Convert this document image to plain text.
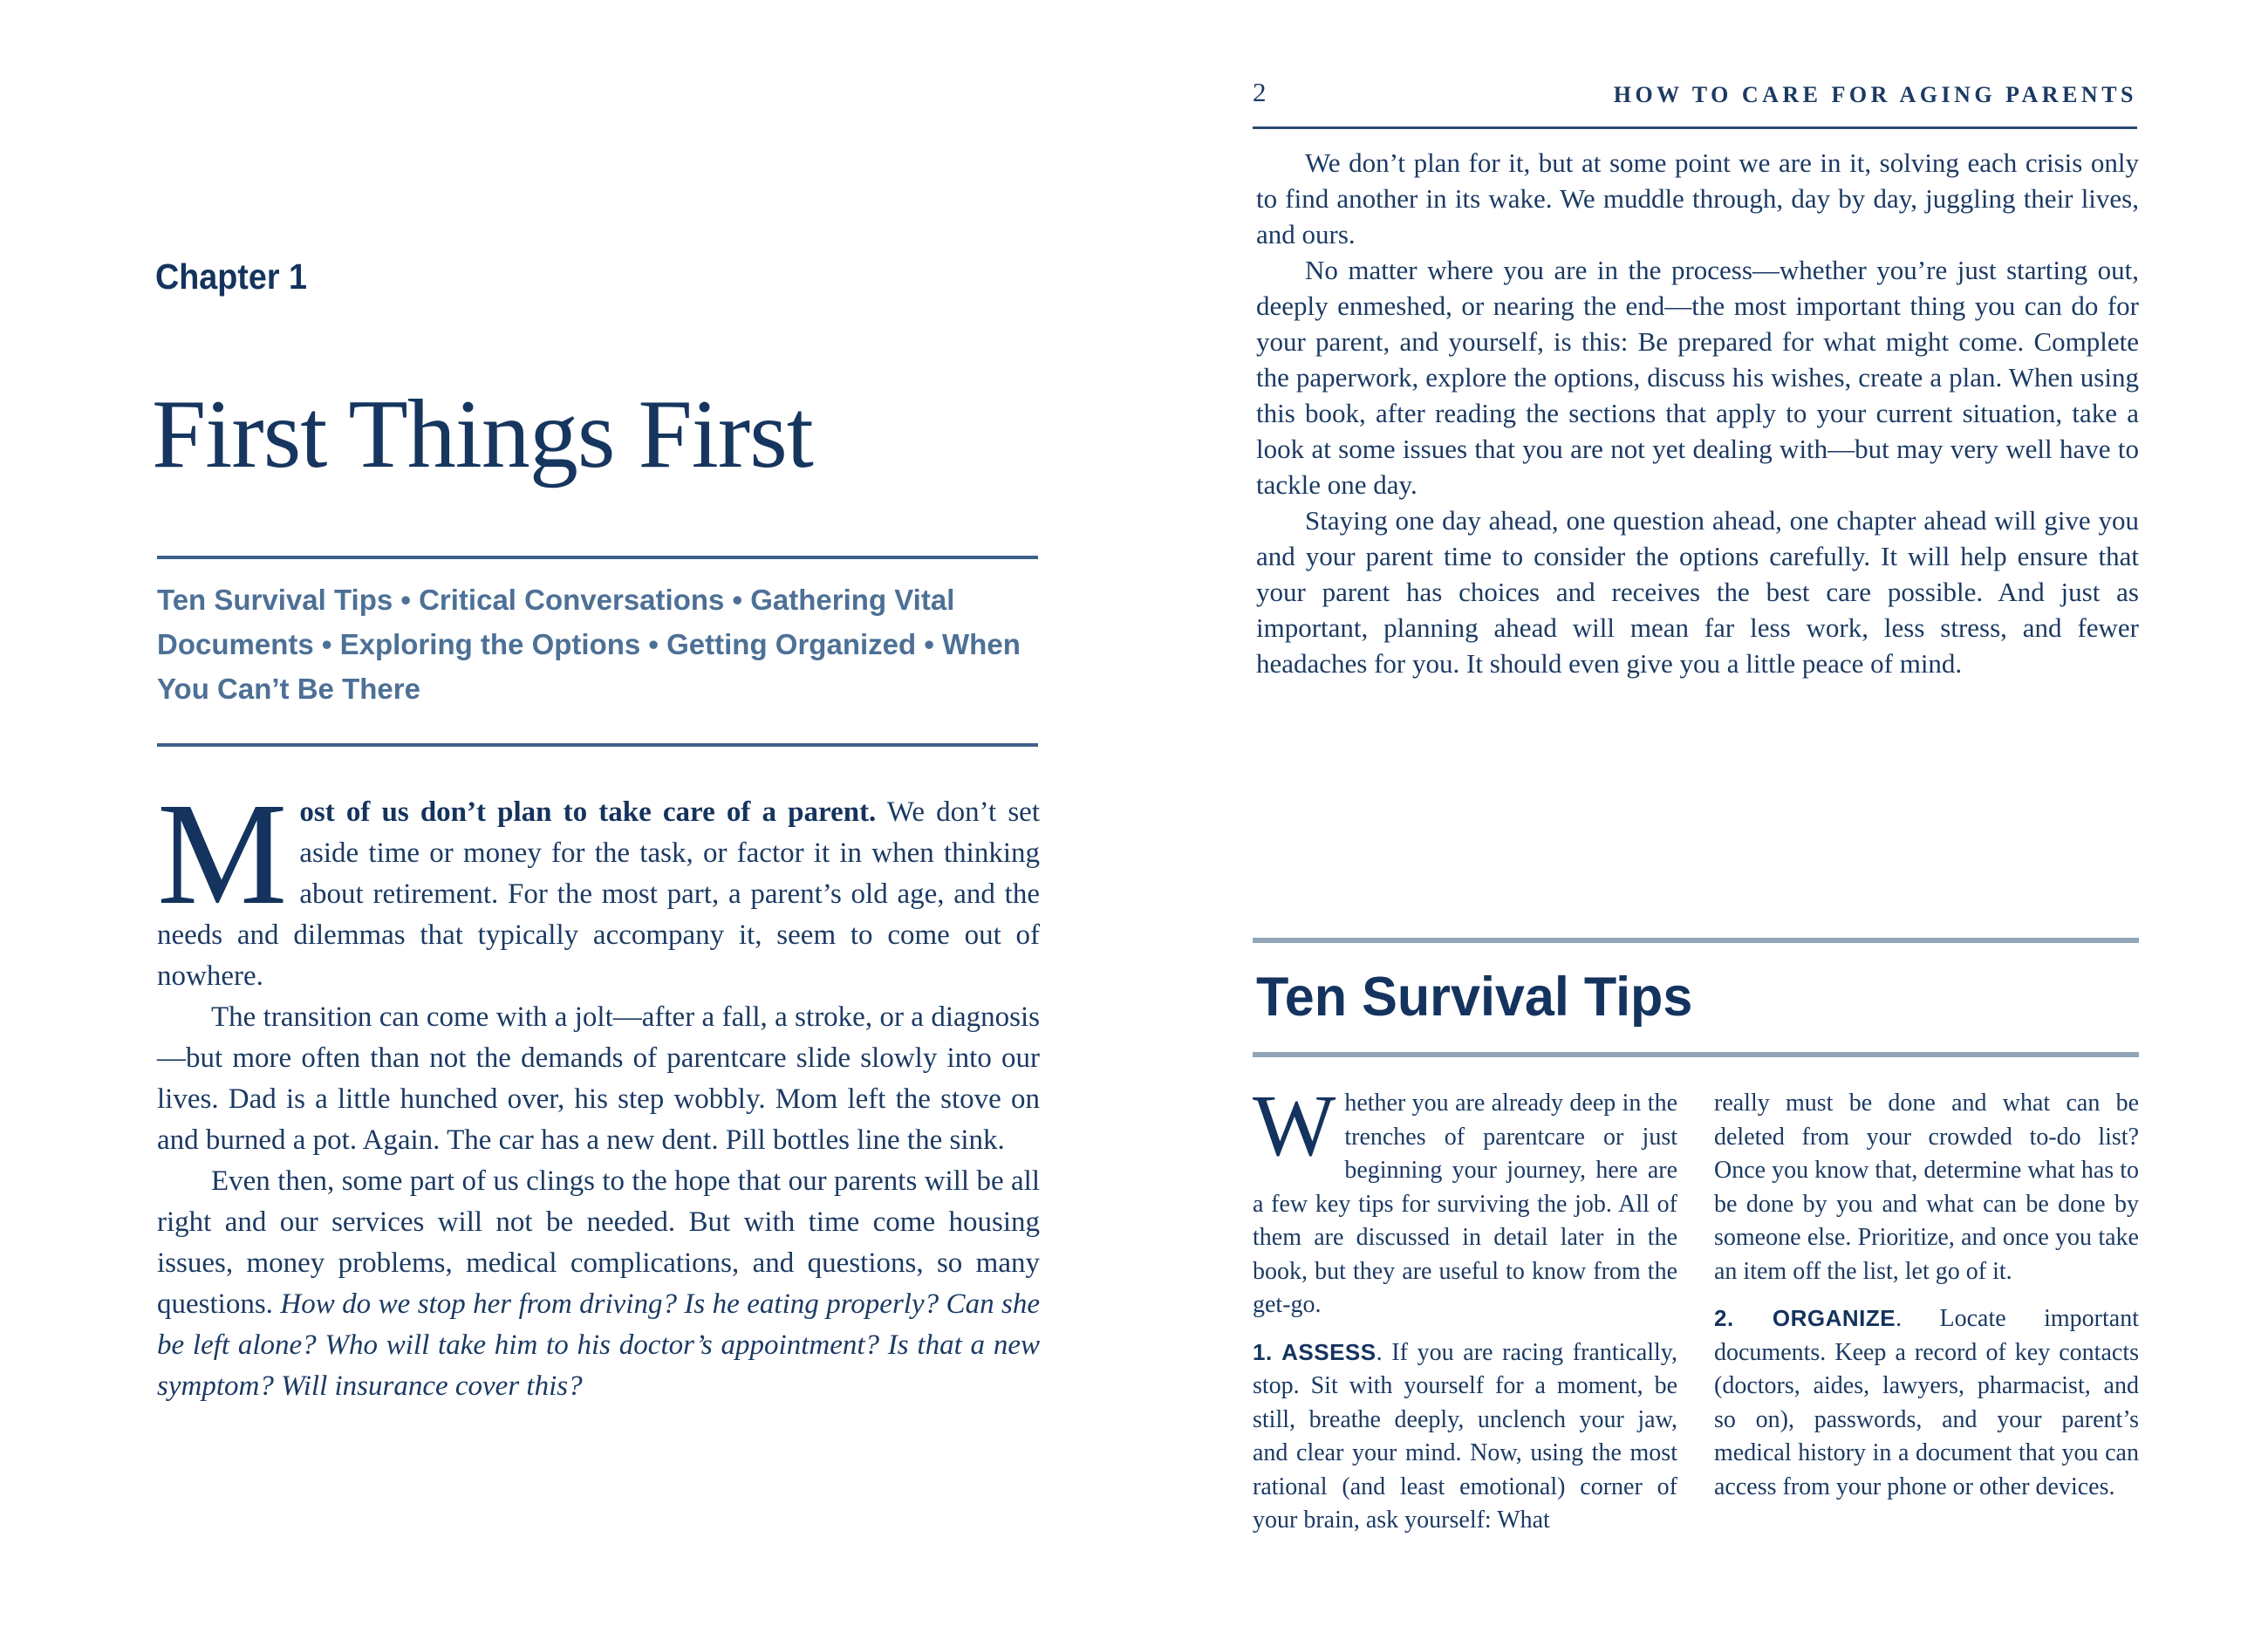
Chapter 1
First Things First
Ten Survival Tips • Critical Conversations • Gathering Vital Documents • Exploring the Options • Getting Organized • When You Can’t Be There

Most of us don’t plan to take care of a parent. We don’t set aside time or money for the task, or factor it in when thinking about retirement. For the most part, a parent’s old age, and the needs and dilemmas that typically accompany it, seem to come out of nowhere.

The transition can come with a jolt—after a fall, a stroke, or a diagnosis—but more often than not the demands of parentcare slide slowly into our lives. Dad is a little hunched over, his step wobbly. Mom left the stove on and burned a pot. Again. The car has a new dent. Pill bottles line the sink.

Even then, some part of us clings to the hope that our parents will be all right and our services will not be needed. But with time come housing issues, money problems, medical complications, and questions, so many questions. How do we stop her from driving? Is he eating properly? Can she be left alone? Who will take him to his doctor’s appointment? Is that a new symptom? Will insurance cover this?

2	HOW TO CARE FOR AGING PARENTS

We don’t plan for it, but at some point we are in it, solving each crisis only to find another in its wake. We muddle through, day by day, juggling their lives, and ours.

No matter where you are in the process—whether you’re just starting out, deeply enmeshed, or nearing the end—the most important thing you can do for your parent, and yourself, is this: Be prepared for what might come. Complete the paperwork, explore the options, discuss his wishes, create a plan. When using this book, after reading the sections that apply to your current situation, take a look at some issues that you are not yet dealing with—but may very well have to tackle one day.

Staying one day ahead, one question ahead, one chapter ahead will give you and your parent time to consider the options carefully. It will help ensure that your parent has choices and receives the best care possible. And just as important, planning ahead will mean far less work, less stress, and fewer headaches for you. It should even give you a little peace of mind.

Ten Survival Tips

Whether you are already deep in the trenches of parentcare or just beginning your journey, here are a few key tips for surviving the job. All of them are discussed in detail later in the book, but they are useful to know from the get-go.

1. ASSESS. If you are racing frantically, stop. Sit with yourself for a moment, be still, breathe deeply, unclench your jaw, and clear your mind. Now, using the most rational (and least emotional) corner of your brain, ask yourself: What

really must be done and what can be deleted from your crowded to-do list? Once you know that, determine what has to be done by you and what can be done by someone else. Prioritize, and once you take an item off the list, let go of it.

2. ORGANIZE. Locate important documents. Keep a record of key contacts (doctors, aides, lawyers, pharmacist, and so on), passwords, and your parent’s medical history in a document that you can access from your phone or other devices.
